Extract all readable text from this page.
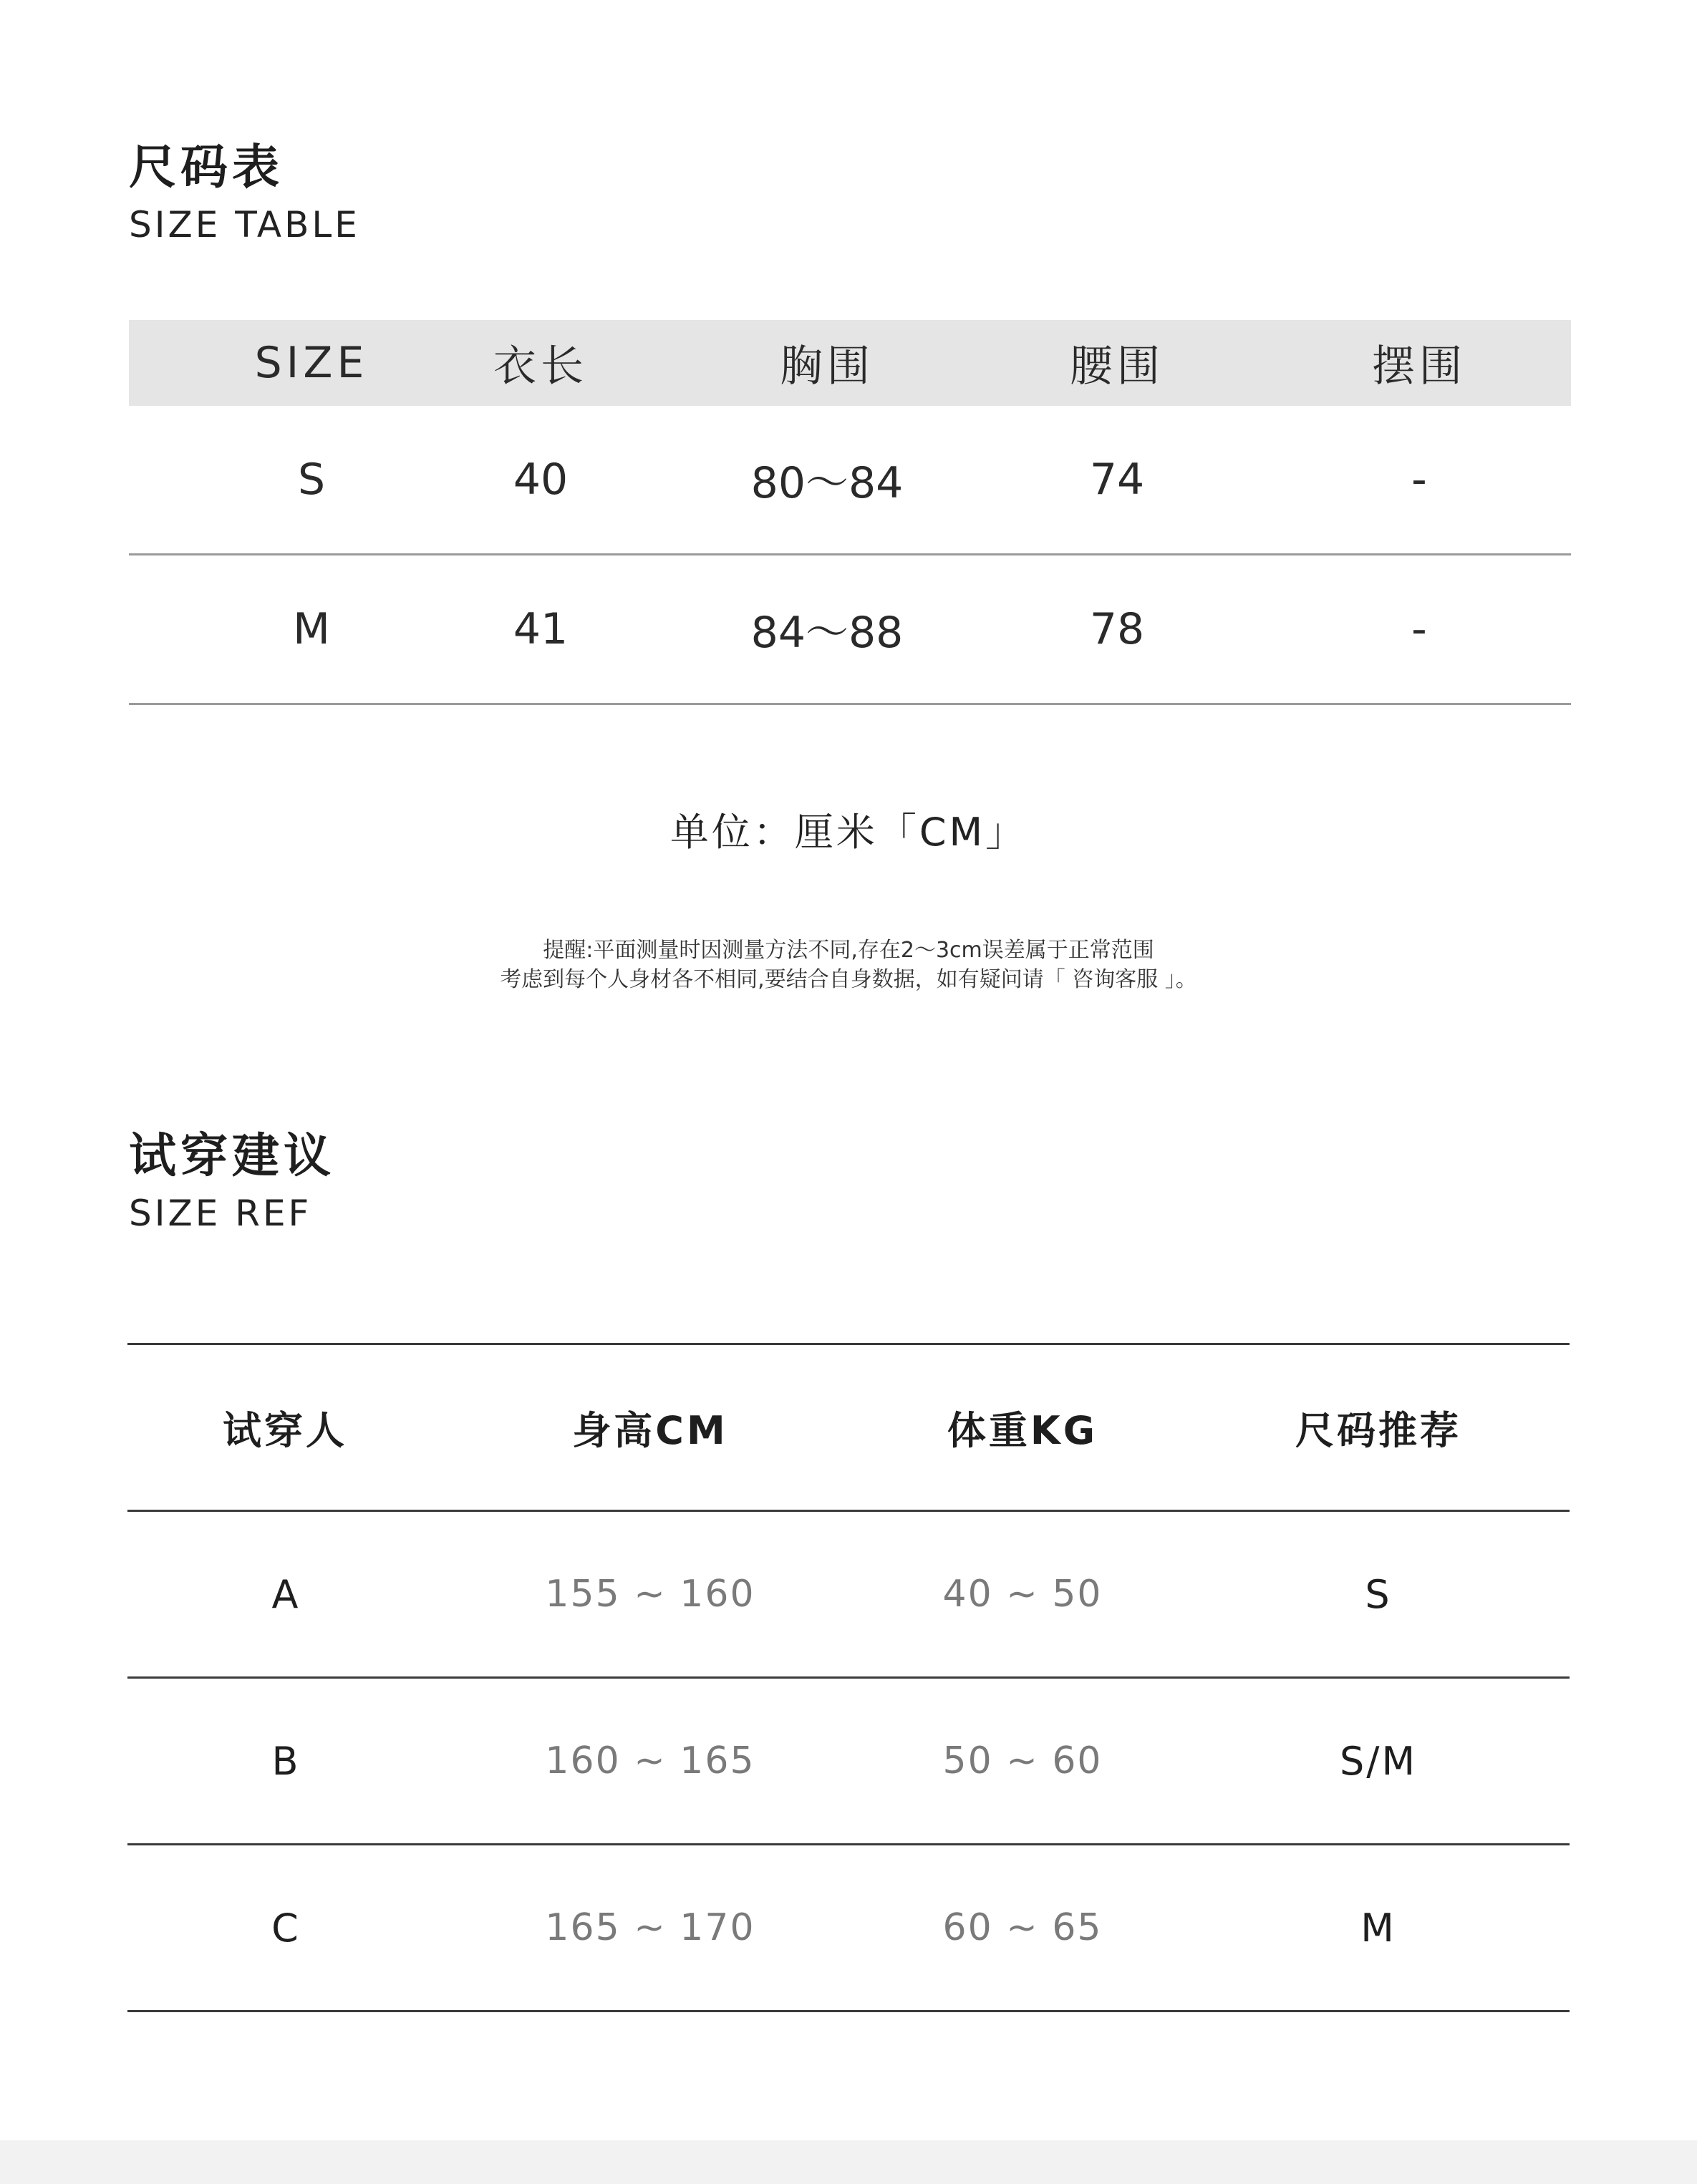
尺码表
SIZE TABLE
SIZE	衣长	胸围	腰围	摆围
S	40	80～84	74	-
M	41	84～88	78	-
单位：厘米「CM」
提醒:平面测量时因测量方法不同,存在2～3cm误差属于正常范围
考虑到每个人身材各不相同,要结合自身数据，如有疑问请「 咨询客服 」。
试穿建议
SIZE REF
试穿人	身高CM	体重KG	尺码推荐
A	155 ~ 160	40 ~ 50	S
B	160 ~ 165	50 ~ 60	S/M
C	165 ~ 170	60 ~ 65	M
